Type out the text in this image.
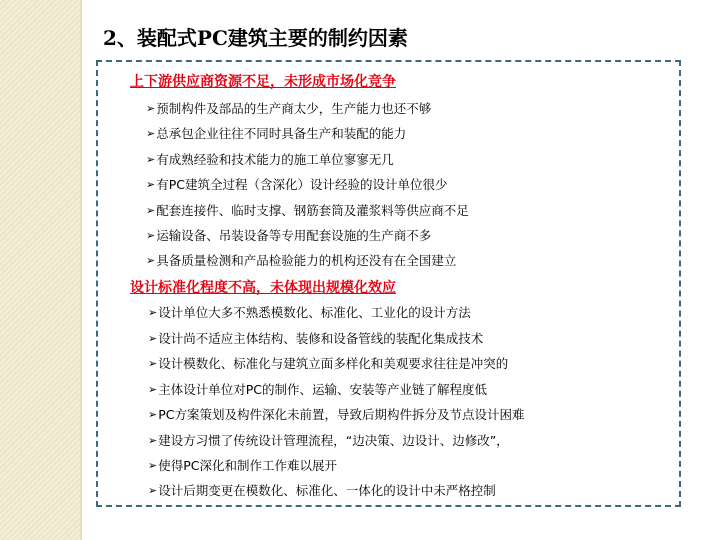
2、装配式PC建筑主要的制约因素
上下游供应商资源不足，未形成市场化竞争
➢ 预制构件及部品的生产商太少，生产能力也还不够
➢ 总承包企业往往不同时具备生产和装配的能力
➢ 有成熟经验和技术能力的施工单位寥寥无几
➢ 有PC建筑全过程（含深化）设计经验的设计单位很少
➢ 配套连接件、临时支撑、钢筋套筒及灌浆料等供应商不足
➢ 运输设备、吊装设备等专用配套设施的生产商不多
➢ 具备质量检测和产品检验能力的机构还没有在全国建立
设计标准化程度不高，未体现出规模化效应
➢ 设计单位大多不熟悉模数化、标准化、工业化的设计方法
➢ 设计尚不适应主体结构、装修和设备管线的装配化集成技术
➢ 设计模数化、标准化与建筑立面多样化和美观要求往往是冲突的
➢ 主体设计单位对PC的制作、运输、安装等产业链了解程度低
➢ PC方案策划及构件深化未前置，导致后期构件拆分及节点设计困难
➢ 建设方习惯了传统设计管理流程，“边决策、边设计、边修改”，
➢ 使得PC深化和制作工作难以展开
➢ 设计后期变更在模数化、标准化、一体化的设计中未严格控制
